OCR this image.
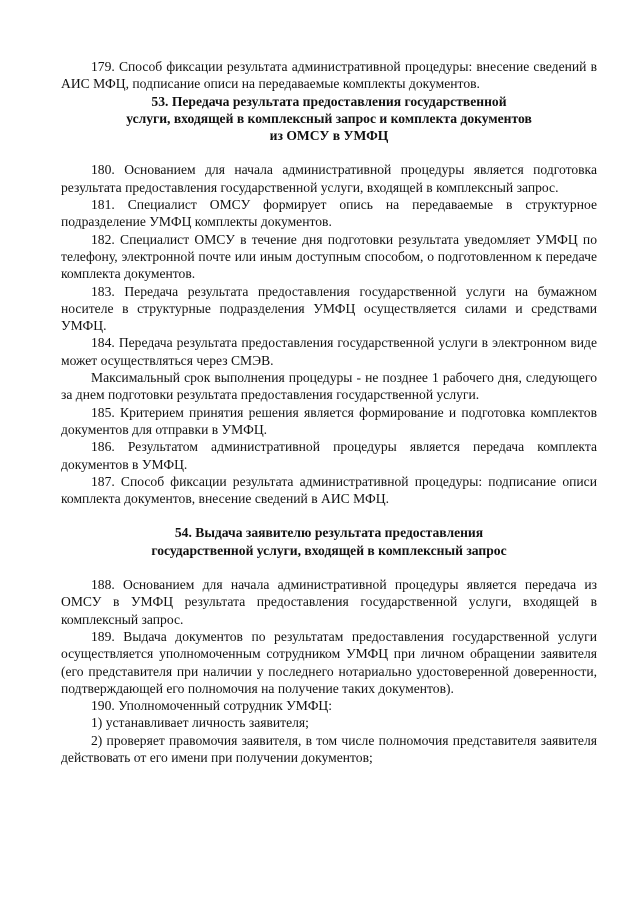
179. Способ фиксации результата административной процедуры: внесение сведений в АИС МФЦ, подписание описи на передаваемые комплекты документов.

53. Передача результата предоставления государственной
услуги, входящей в комплексный запрос и комплекта документов
из ОМСУ в УМФЦ

180. Основанием для начала административной процедуры является подготовка результата предоставления государственной услуги, входящей в комплексный запрос.

181. Специалист ОМСУ формирует опись на передаваемые в структурное подразделение УМФЦ комплекты документов.

182. Специалист ОМСУ в течение дня подготовки результата уведомляет УМФЦ по телефону, электронной почте или иным доступным способом, о подготовленном к передаче комплекта документов.

183. Передача результата предоставления государственной услуги на бумажном носителе в структурные подразделения УМФЦ осуществляется силами и средствами УМФЦ.

184. Передача результата предоставления государственной услуги в электронном виде может осуществляться через СМЭВ.

Максимальный срок выполнения процедуры - не позднее 1 рабочего дня, следующего за днем подготовки результата предоставления государственной услуги.

185. Критерием принятия решения является формирование и подготовка комплектов документов для отправки в УМФЦ.

186. Результатом административной процедуры является передача комплекта документов в УМФЦ.

187. Способ фиксации результата административной процедуры: подписание описи комплекта документов, внесение сведений в АИС МФЦ.

54. Выдача заявителю результата предоставления
государственной услуги, входящей в комплексный запрос

188. Основанием для начала административной процедуры является передача из ОМСУ в УМФЦ результата предоставления государственной услуги, входящей в комплексный запрос.

189. Выдача документов по результатам предоставления государственной услуги осуществляется уполномоченным сотрудником УМФЦ при личном обращении заявителя (его представителя при наличии у последнего нотариально удостоверенной доверенности, подтверждающей его полномочия на получение таких документов).

190. Уполномоченный сотрудник УМФЦ:

1) устанавливает личность заявителя;

2) проверяет правомочия заявителя, в том числе полномочия представителя заявителя действовать от его имени при получении документов;
